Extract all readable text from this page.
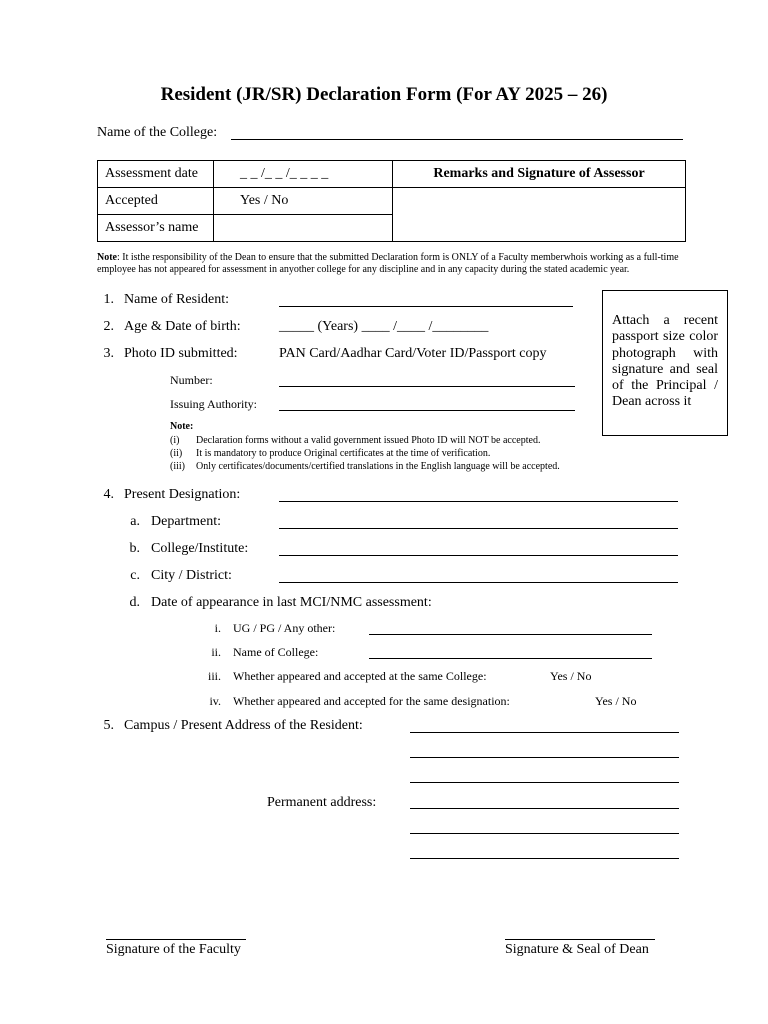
Resident (JR/SR) Declaration Form (For AY 2025 – 26)
Name of the College:
Assessment date	_ _ /_ _ /_ _ _ _	Remarks and Signature of Assessor
Accepted	Yes / No	
Assessor’s name		
Note: It isthe responsibility of the Dean to ensure that the submitted Declaration form is ONLY of a Faculty memberwhois working as a full-time
employee has not appeared for assessment in anyother college for any discipline and in any capacity during the stated academic year.
Attach a recent passport size color photograph with signature and seal of the Principal / Dean across it
1. Name of Resident:
2. Age & Date of birth:	_____ (Years) ____ /____ /________
3. Photo ID submitted:	PAN Card/Aadhar Card/Voter ID/Passport copy
Number:
Issuing Authority:
Note:
(i) Declaration forms without a valid government issued Photo ID will NOT be accepted.
(ii) It is mandatory to produce Original certificates at the time of verification.
(iii) Only certificates/documents/certified translations in the English language will be accepted.
4. Present Designation:
a. Department:
b. College/Institute:
c. City / District:
d. Date of appearance in last MCI/NMC assessment:
i. UG / PG / Any other:
ii. Name of College:
iii. Whether appeared and accepted at the same College:	Yes / No
iv. Whether appeared and accepted for the same designation:	Yes / No
5. Campus / Present Address of the Resident:
Permanent address:
Signature of the Faculty	Signature & Seal of Dean
